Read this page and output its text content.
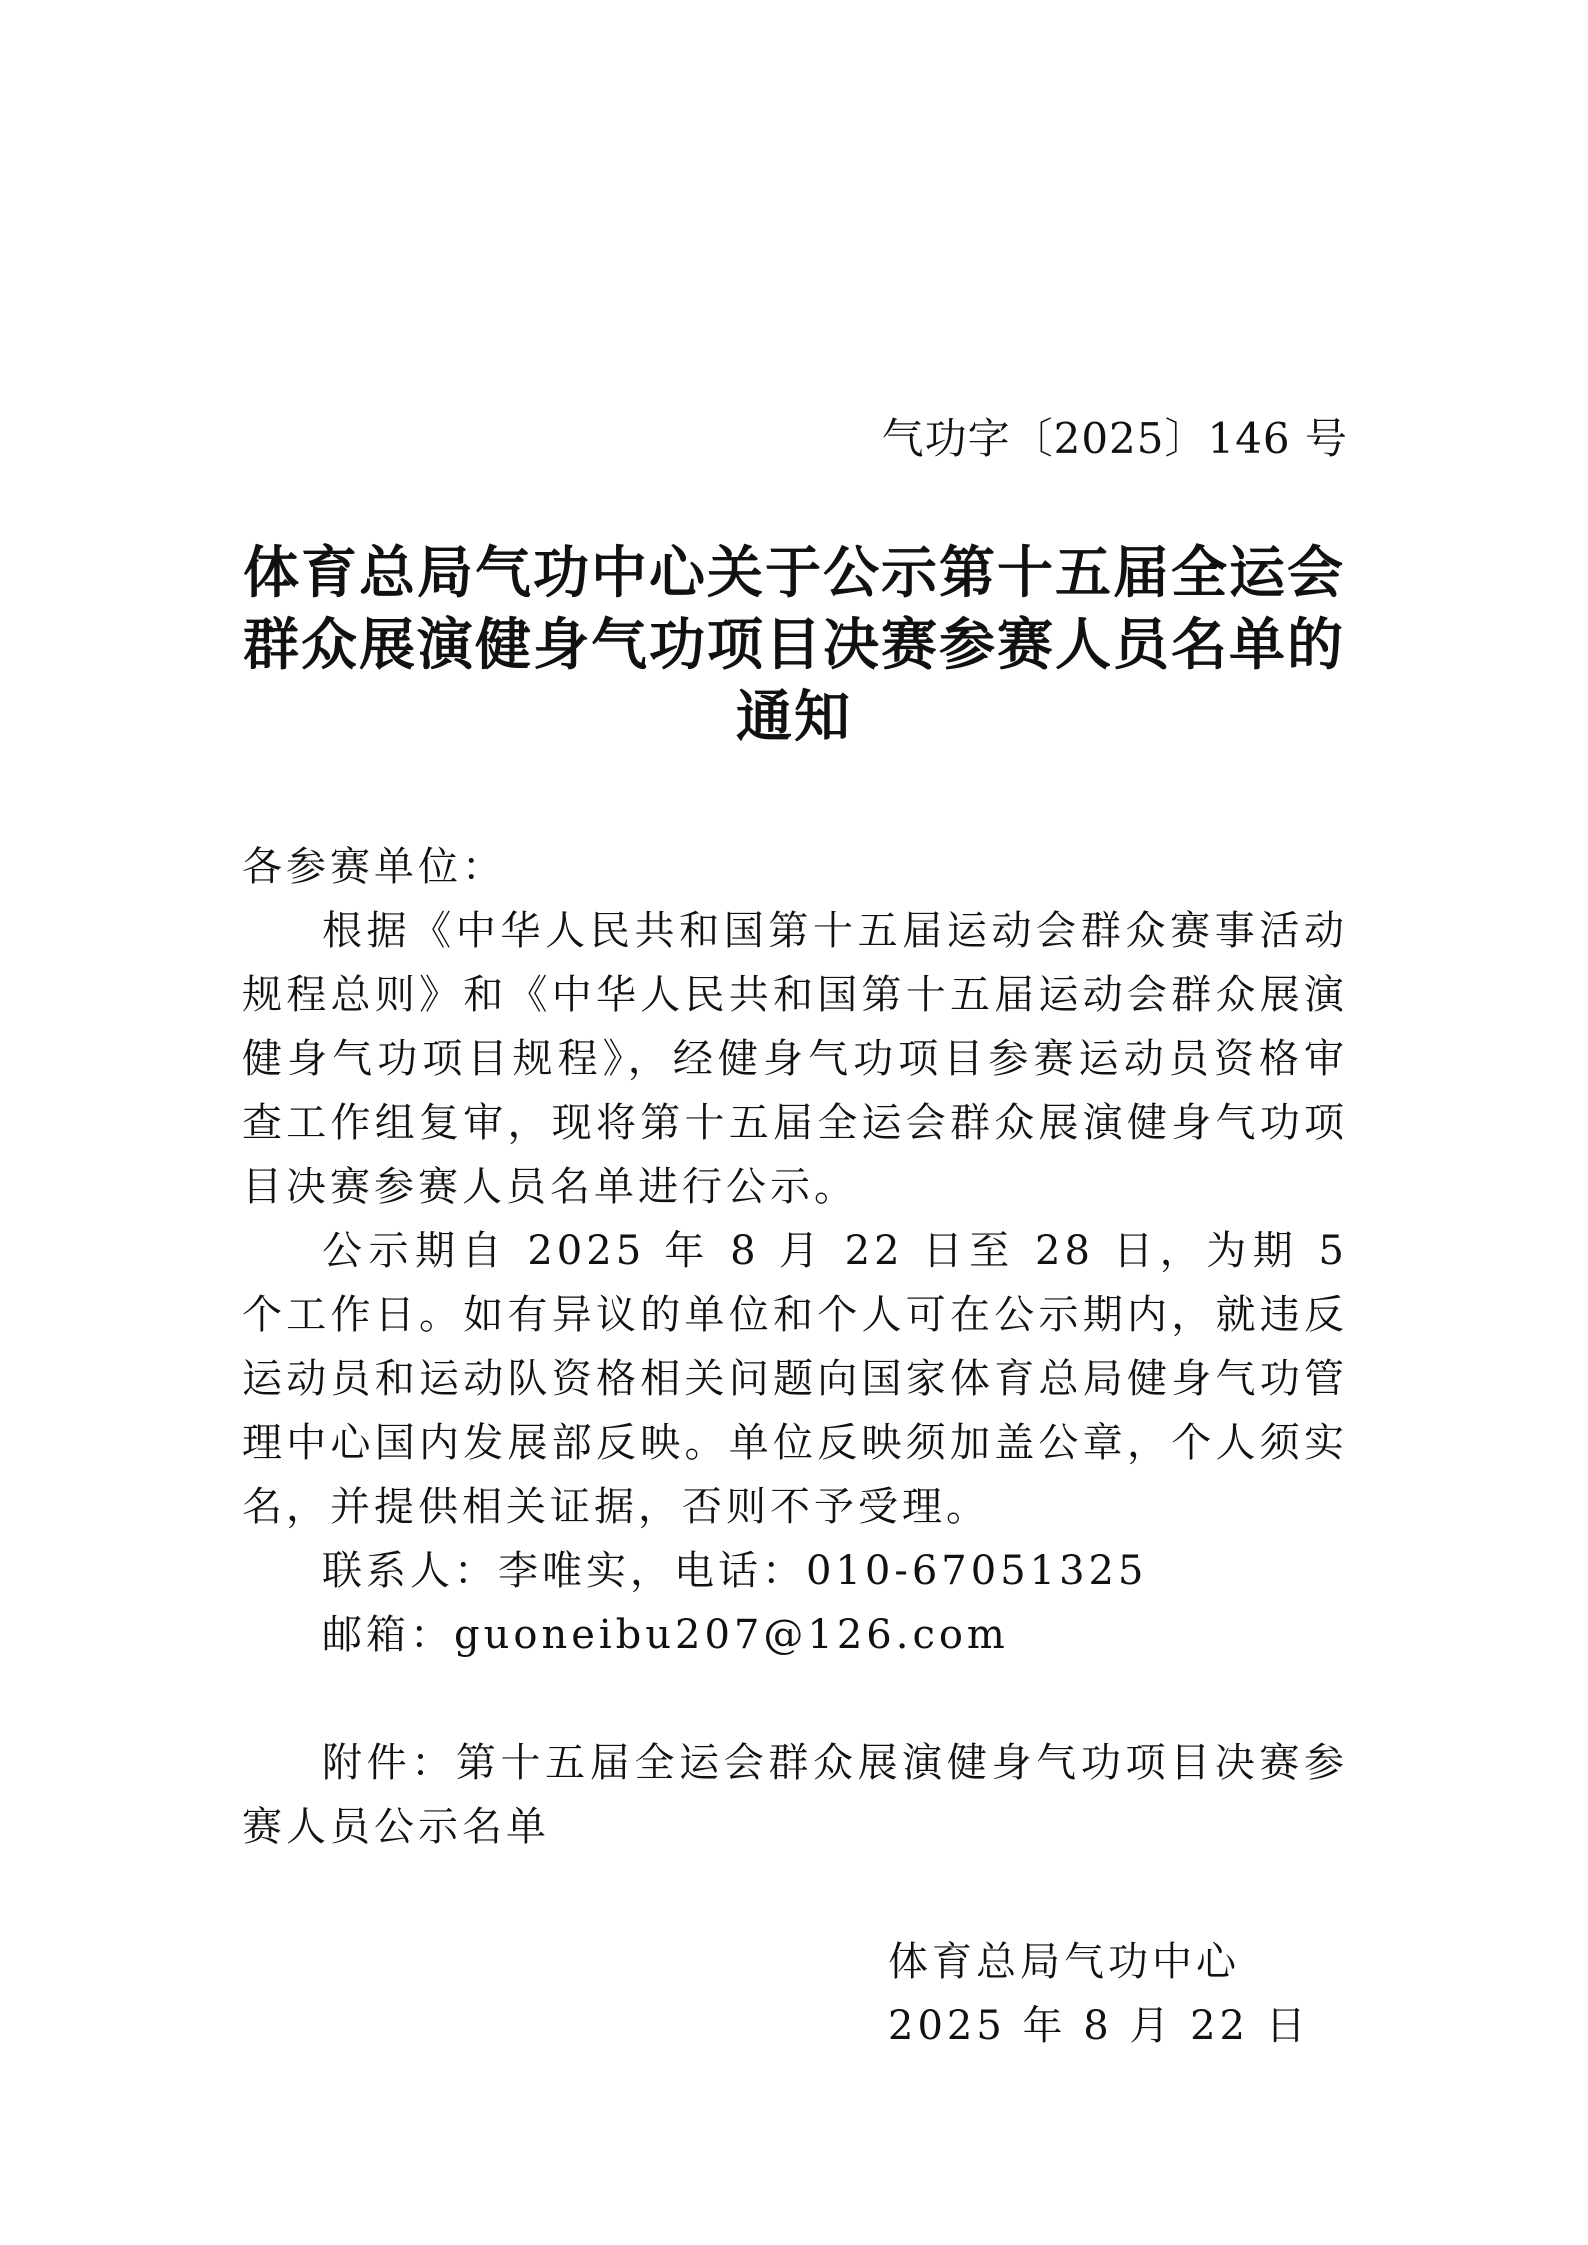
气功字〔2025〕146 号
体育总局气功中心关于公示第十五届全运会
群众展演健身气功项目决赛参赛人员名单的
通知

各参赛单位：

根据《中华人民共和国第十五届运动会群众赛事活动规程总则》和《中华人民共和国第十五届运动会群众展演健身气功项目规程》，经健身气功项目参赛运动员资格审查工作组复审，现将第十五届全运会群众展演健身气功项目决赛参赛人员名单进行公示。

公示期自 2025 年 8 月 22 日至 28 日，为期 5 个工作日。如有异议的单位和个人可在公示期内，就违反运动员和运动队资格相关问题向国家体育总局健身气功管理中心国内发展部反映。单位反映须加盖公章，个人须实名，并提供相关证据，否则不予受理。

联系人：李唯实，电话：010-67051325

邮箱：guoneibu207@126.com

附件：第十五届全运会群众展演健身气功项目决赛参赛人员公示名单

体育总局气功中心
2025 年 8 月 22 日
